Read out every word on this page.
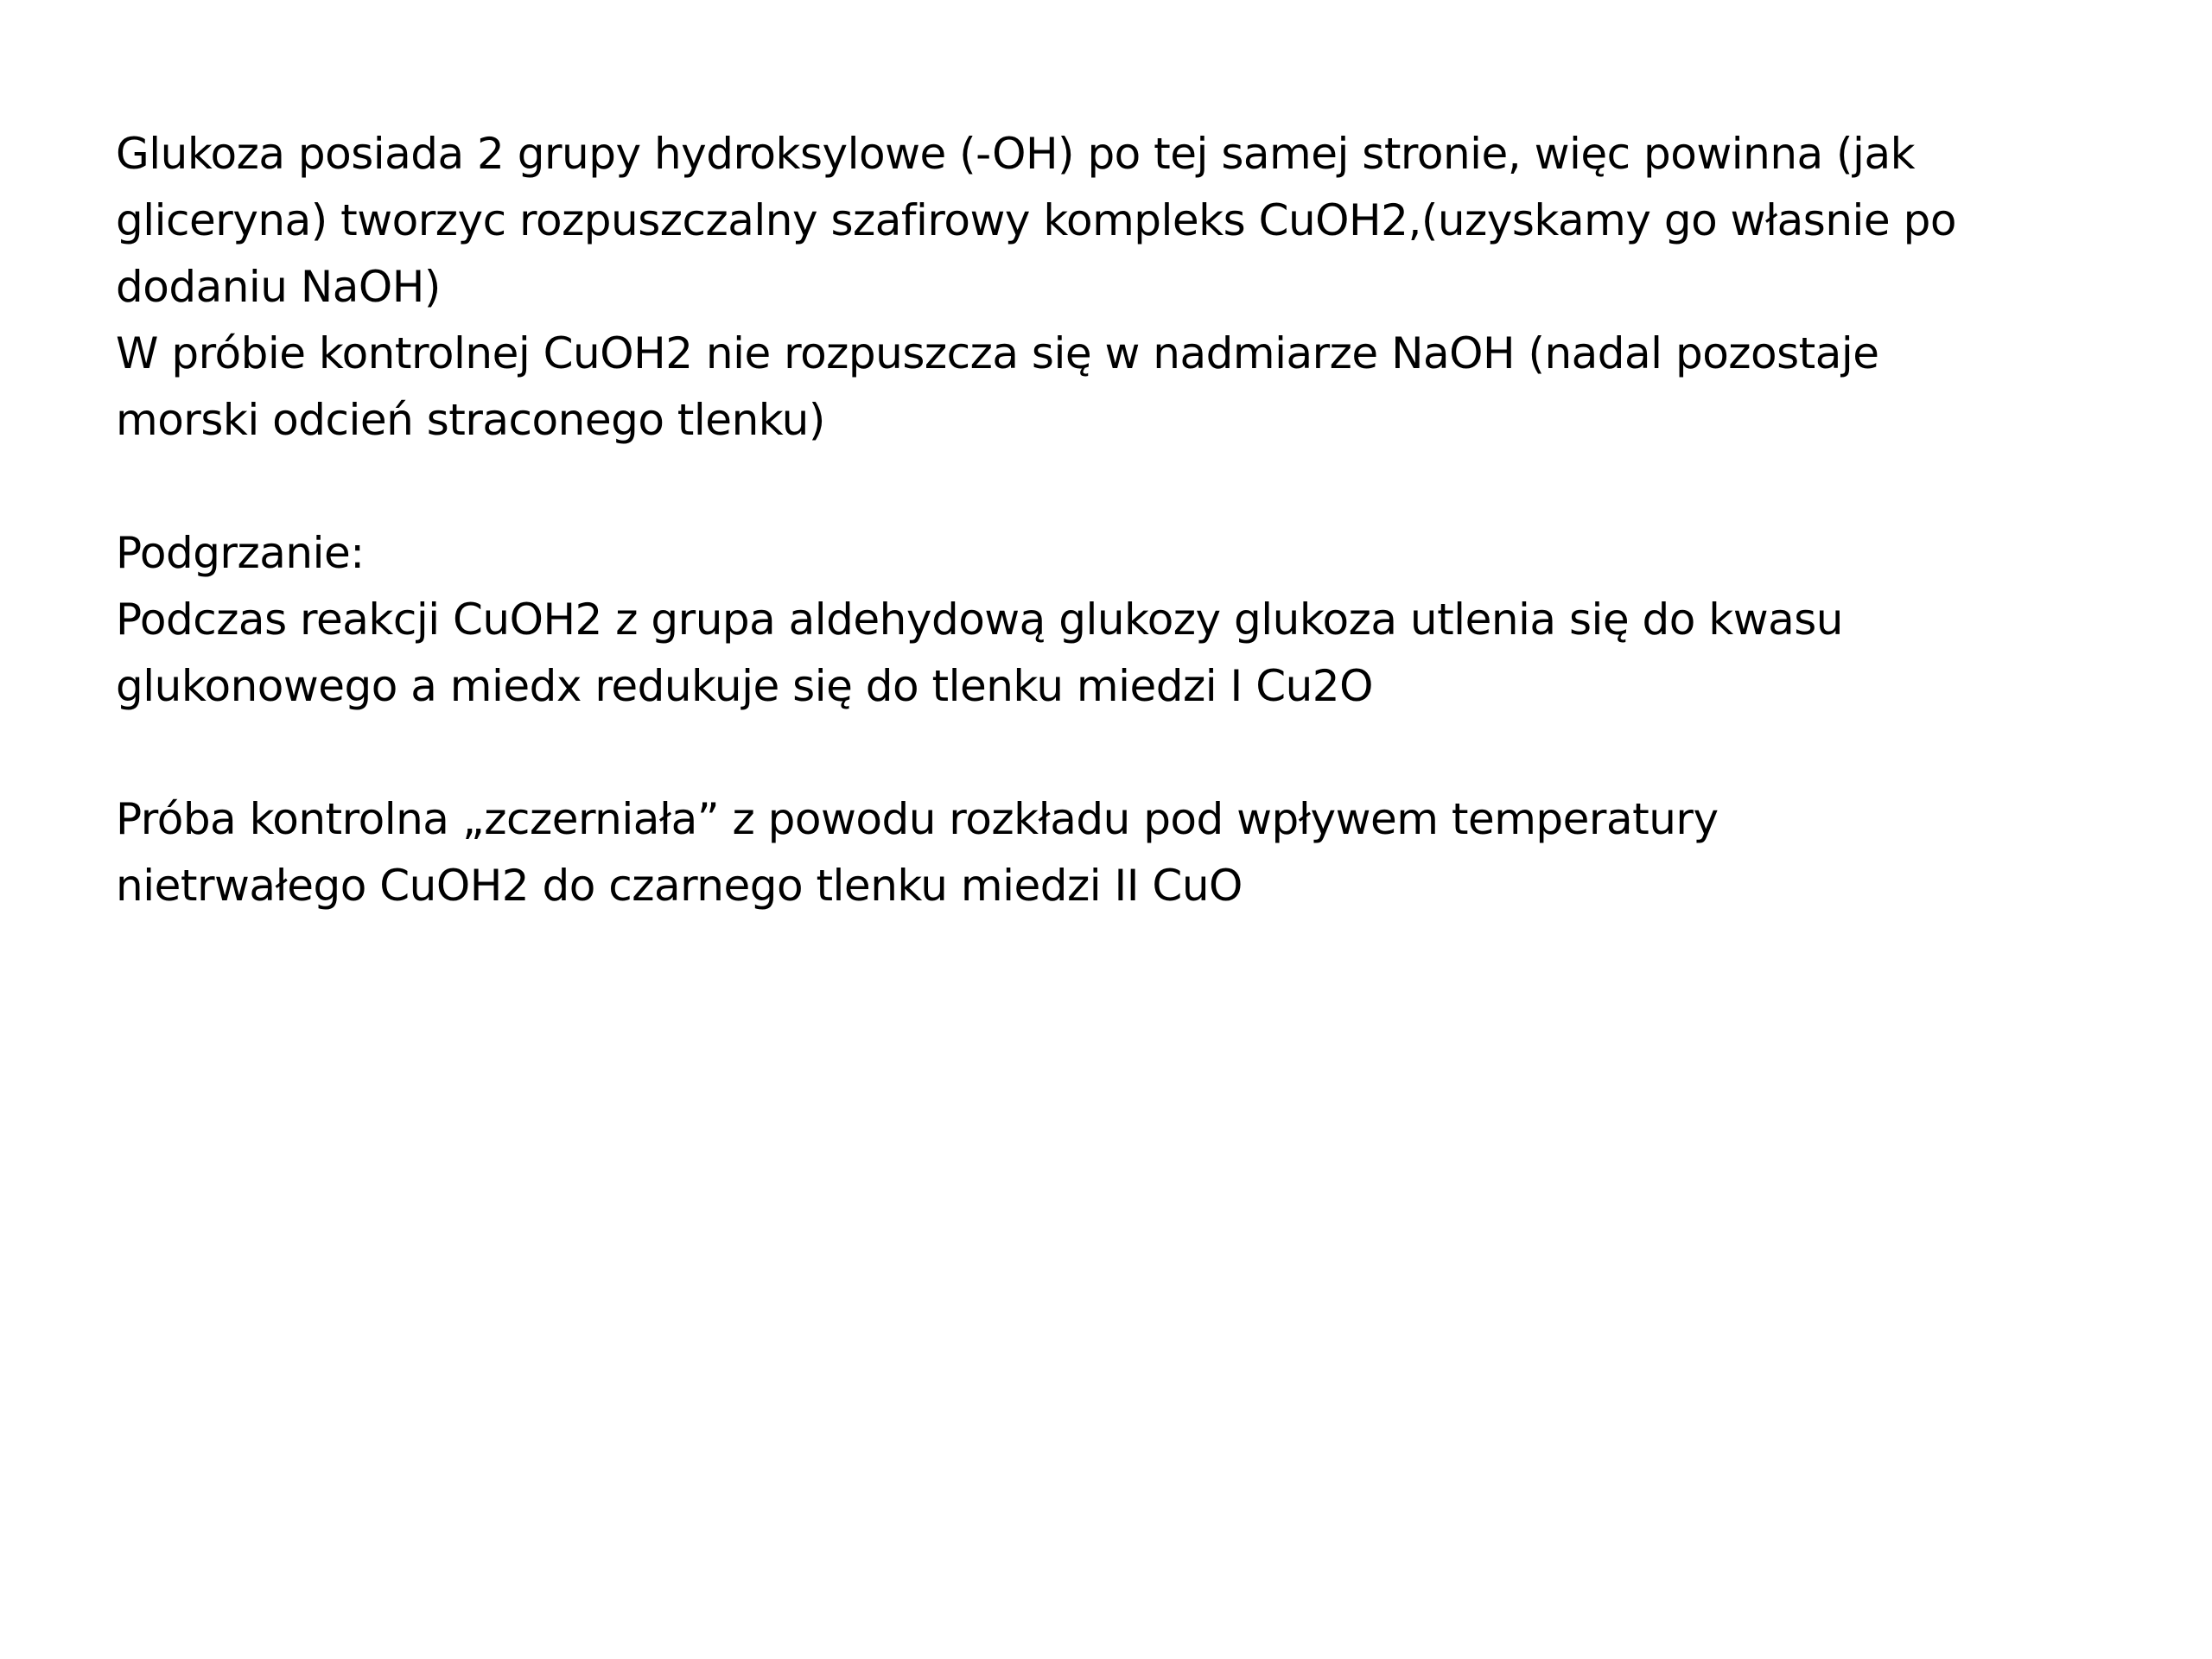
Glukoza posiada 2 grupy hydroksylowe (-OH) po tej samej stronie, więc powinna (jak
gliceryna) tworzyc rozpuszczalny szafirowy kompleks CuOH2,(uzyskamy go własnie po
dodaniu NaOH)
W próbie kontrolnej CuOH2 nie rozpuszcza się w nadmiarze NaOH (nadal pozostaje
morski odcień straconego tlenku)
Podgrzanie:
Podczas reakcji CuOH2 z grupa aldehydową glukozy glukoza utlenia się do kwasu
glukonowego a miedx redukuje się do tlenku miedzi I Cu2O
Próba kontrolna „zczerniała” z powodu rozkładu pod wpływem temperatury
nietrwałego CuOH2 do czarnego tlenku miedzi II CuO
